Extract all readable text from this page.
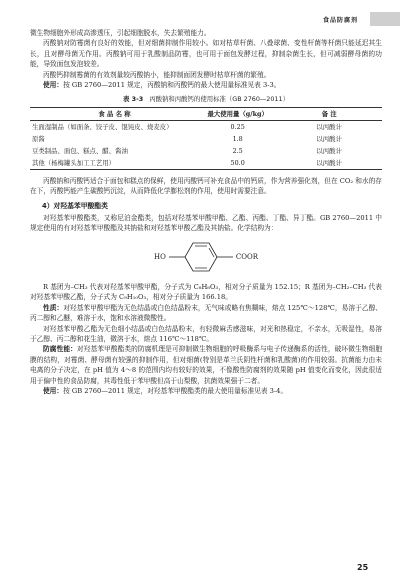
食品防腐剂

微生物细胞外形成高渗透压，引起细胞脱水，失去繁殖能力。

丙酸钠对防霉菌有良好的效能，但对细菌抑制作用较小。如对枯草杆菌、八叠球菌、变性杆菌等杆菌只能延迟其生长，且对酵母菌无作用。丙酸钠可用于乳酸制品防霉，也可用于面包发酵过程，抑制杂菌生长，但可减弱酵母菌的功能，导致面包发泡较差。

丙酸钙抑制霉菌的有效剂量较丙酸钠小，能抑制面团发酵时枯草杆菌的繁殖。

使用：按 GB 2760—2011 规定，丙酸钠和丙酸钙的最大使用量标准见表 3-3。

表 3-3 丙酸钠和丙酸钙的使用标准（GB 2760—2011）
食 品 名 称	最大使用量（g/kg）	备 注
生面湿制品（如面条、饺子皮、馄饨皮、烧麦皮）	0.25	以丙酸计
原酱	1.8	以丙酸计
豆类制品、面包、糕点、醋、酱油	2.5	以丙酸计
其他（杨梅罐头加工工艺用）	50.0	以丙酸计

丙酸钠和丙酸钙适合于面包和糕点的保鲜，使用丙酸钙可补充食品中的钙质，作为营养强化剂，但在 CO₂ 和水的存在下，丙酸钙能产生碳酸钙沉淀，从而降低化学膨松剂的作用，使用时需要注意。

4）对羟基苯甲酸酯类

对羟基苯甲酸酯类，又称尼泊金酯类，包括对羟基苯甲酸甲酯、乙酯、丙酯、丁酯、异丁酯。GB 2760—2011 中规定使用的有对羟基苯甲酸酯及其钠盐和对羟基苯甲酸乙酯及其钠盐。化学结构为：

HO	COOR

R 基团为–CH₃ 代表对羟基苯甲酸甲酯，分子式为 C₈H₈O₃，相对分子质量为 152.15；R 基团为–CH₂–CH₃ 代表对羟基苯甲酸乙酯，分子式为 C₉H₁₀O₃，相对分子质量为 166.18。

性质：对羟基苯甲酸甲酯为无色结晶或白色结晶粉末，无气味或略有焦糊味，熔点 125℃～128℃，易溶于乙醇、丙二醇和乙醚，难溶于水，饱和水溶液微酸性。

对羟基苯甲酸乙酯为无色细小结晶或白色结晶粉末，有轻微麻舌感滋味，对光和热稳定，不亲水，无吸湿性，易溶于乙醇、丙二醇和花生油，微溶于水，熔点 116℃～118℃。

防腐性能：对羟基苯甲酸酯类的防腐机理是可抑制微生物细胞的呼吸酶系与电子传递酶系的活性，破坏微生物细胞膜的结构，对霉菌、酵母菌有较强的抑制作用，但对细菌(特别是革兰氏阴性杆菌和乳酸菌)的作用较弱。抗菌能力由未电离的分子决定，在 pH 值为 4～8 的范围内均有较好的效果，不像酸性防腐剂的效果随 pH 值变化而变化，因此很适用于偏中性的食品防腐，其毒性低于苯甲酸但高于山梨酸，抗菌效果强于二者。

使用：按 GB 2760—2011 规定，对羟基苯甲酸酯类的最大使用量标准见表 3-4。

25
